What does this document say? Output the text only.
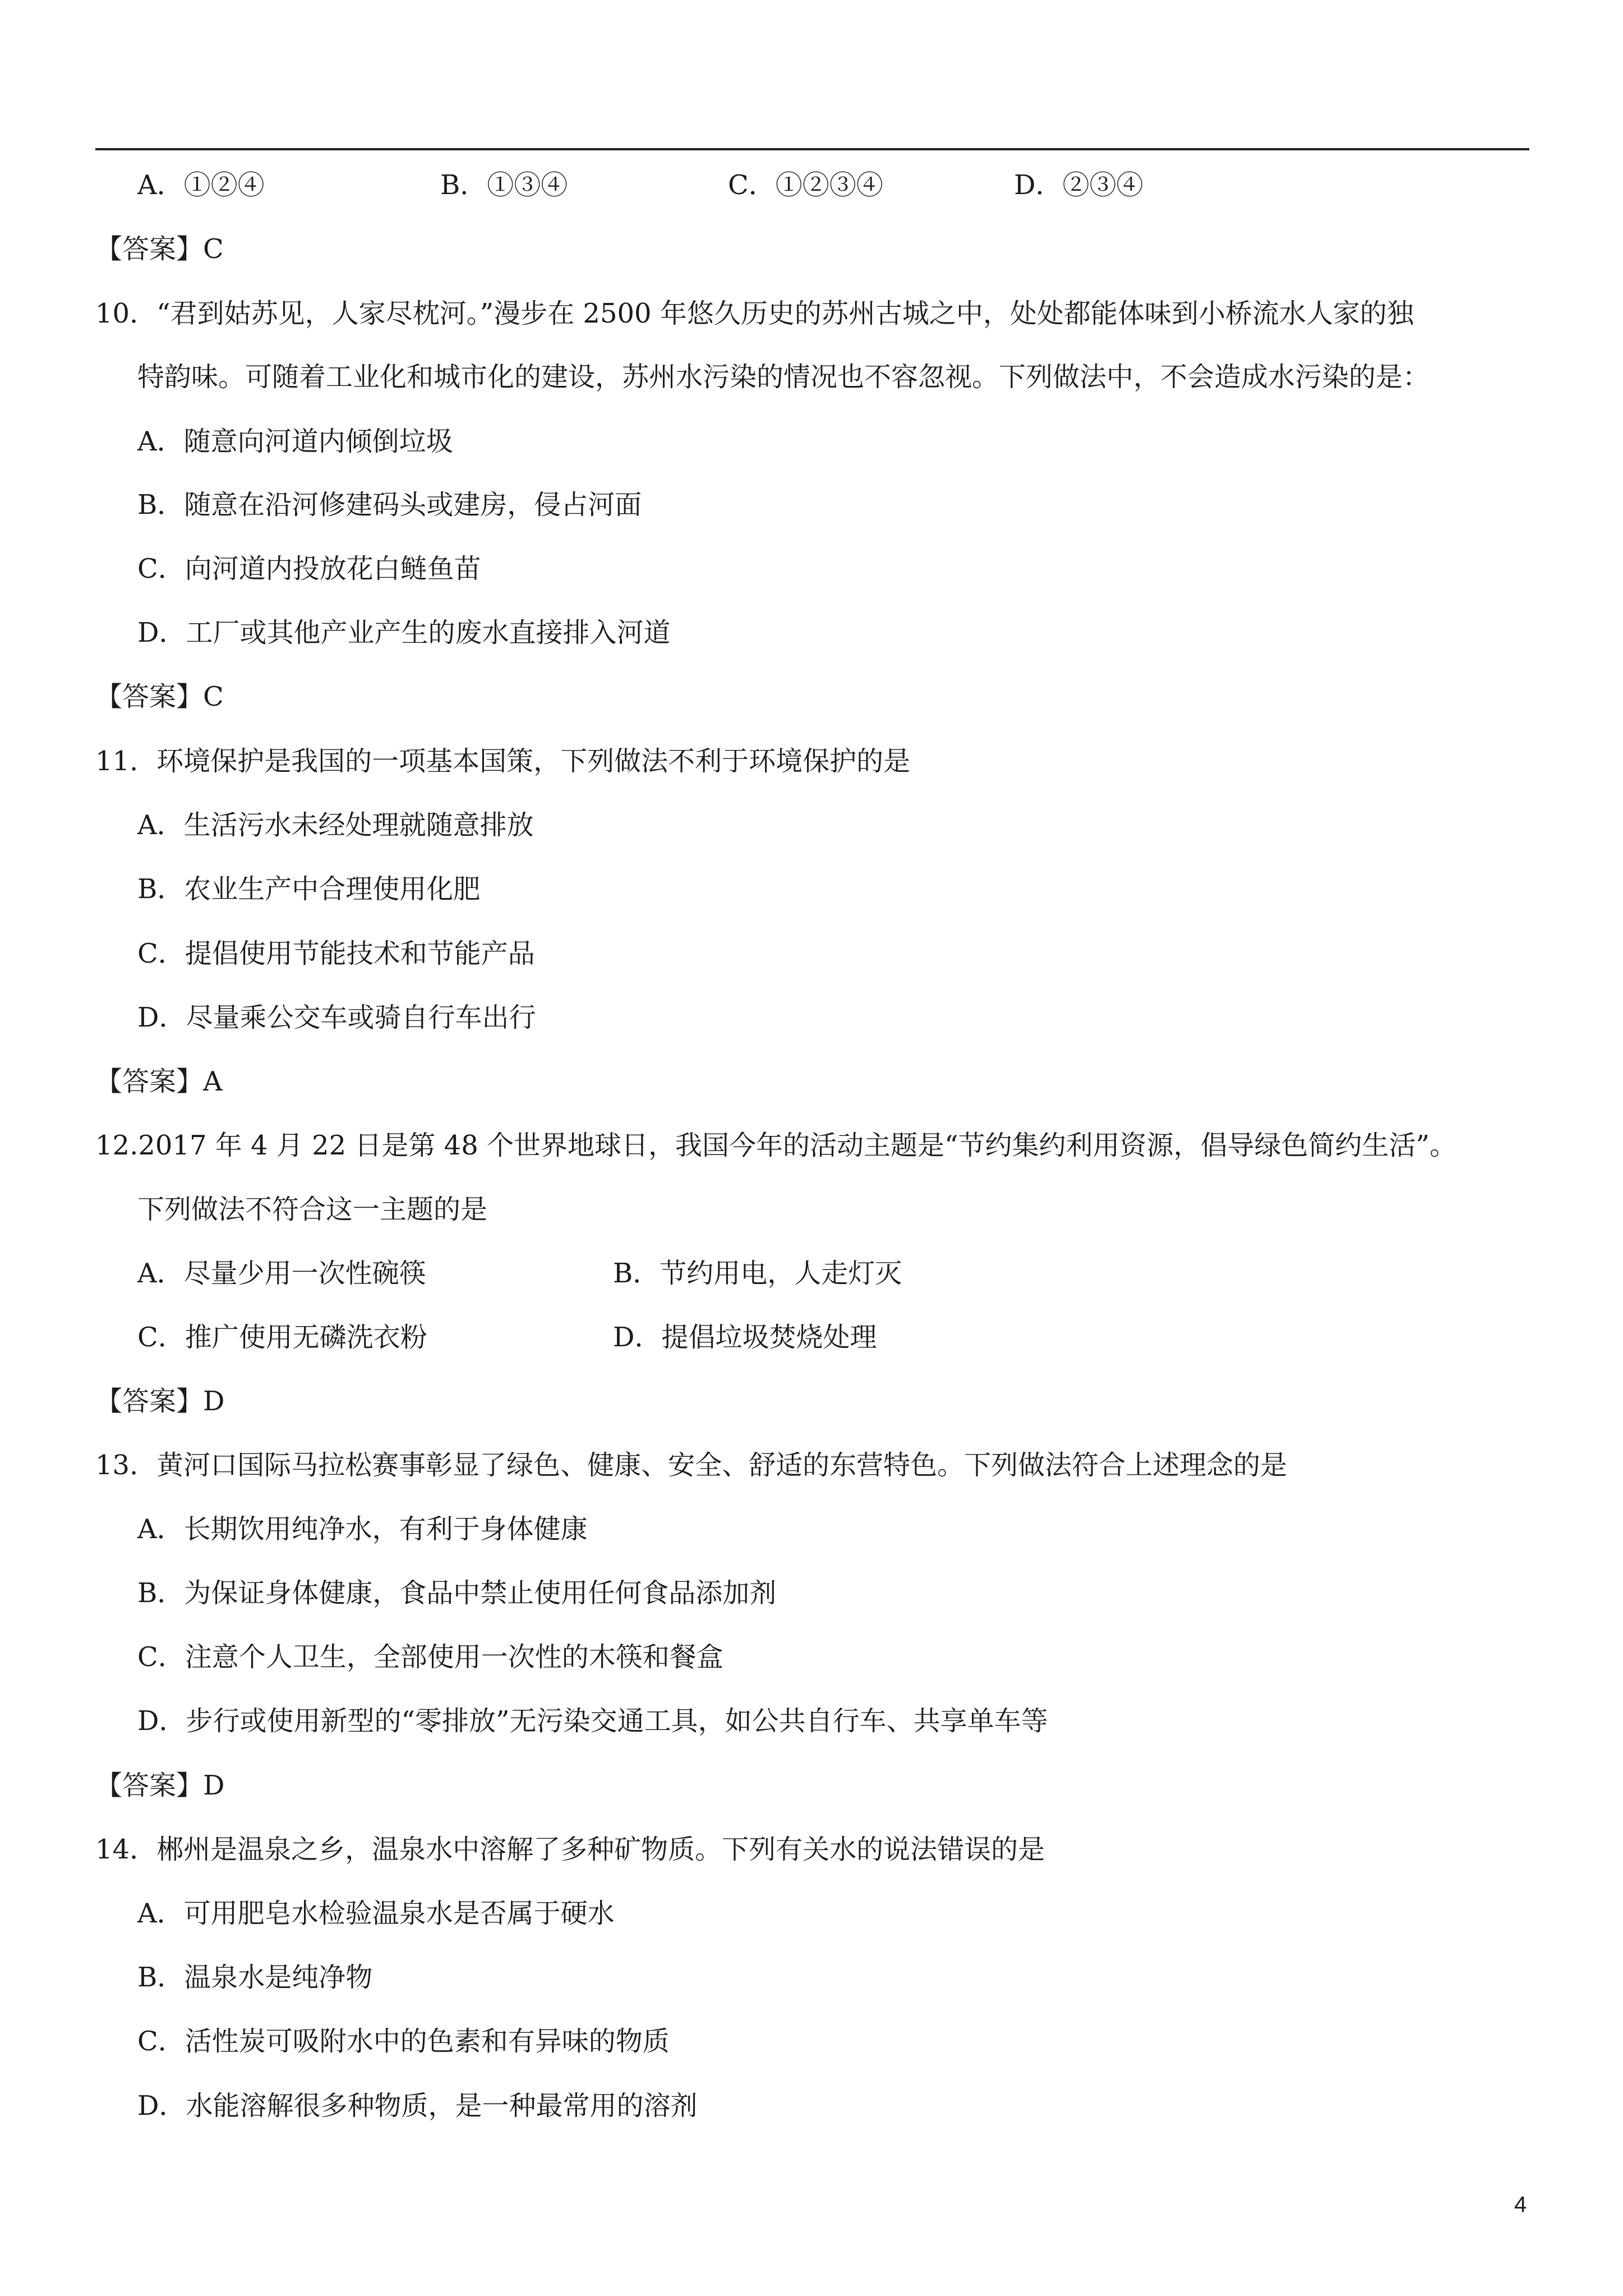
A．①②④	B．①③④	C．①②③④	D．②③④
【答案】C
10．“君到姑苏见，人家尽枕河。”漫步在 2500 年悠久历史的苏州古城之中，处处都能体味到小桥流水人家的独
特韵味。可随着工业化和城市化的建设，苏州水污染的情况也不容忽视。下列做法中，不会造成水污染的是：
A．随意向河道内倾倒垃圾
B．随意在沿河修建码头或建房，侵占河面
C．向河道内投放花白鲢鱼苗
D．工厂或其他产业产生的废水直接排入河道
【答案】C
11．环境保护是我国的一项基本国策，下列做法不利于环境保护的是
A．生活污水未经处理就随意排放
B．农业生产中合理使用化肥
C．提倡使用节能技术和节能产品
D．尽量乘公交车或骑自行车出行
【答案】A
12.2017 年 4 月 22 日是第 48 个世界地球日，我国今年的活动主题是“节约集约利用资源，倡导绿色简约生活”。
下列做法不符合这一主题的是
A．尽量少用一次性碗筷	B．节约用电，人走灯灭
C．推广使用无磷洗衣粉	D．提倡垃圾焚烧处理
【答案】D
13．黄河口国际马拉松赛事彰显了绿色、健康、安全、舒适的东营特色。下列做法符合上述理念的是
A．长期饮用纯净水，有利于身体健康
B．为保证身体健康，食品中禁止使用任何食品添加剂
C．注意个人卫生，全部使用一次性的木筷和餐盒
D．步行或使用新型的“零排放”无污染交通工具，如公共自行车、共享单车等
【答案】D
14．郴州是温泉之乡，温泉水中溶解了多种矿物质。下列有关水的说法错误的是
A．可用肥皂水检验温泉水是否属于硬水
B．温泉水是纯净物
C．活性炭可吸附水中的色素和有异味的物质
D．水能溶解很多种物质，是一种最常用的溶剂
4
